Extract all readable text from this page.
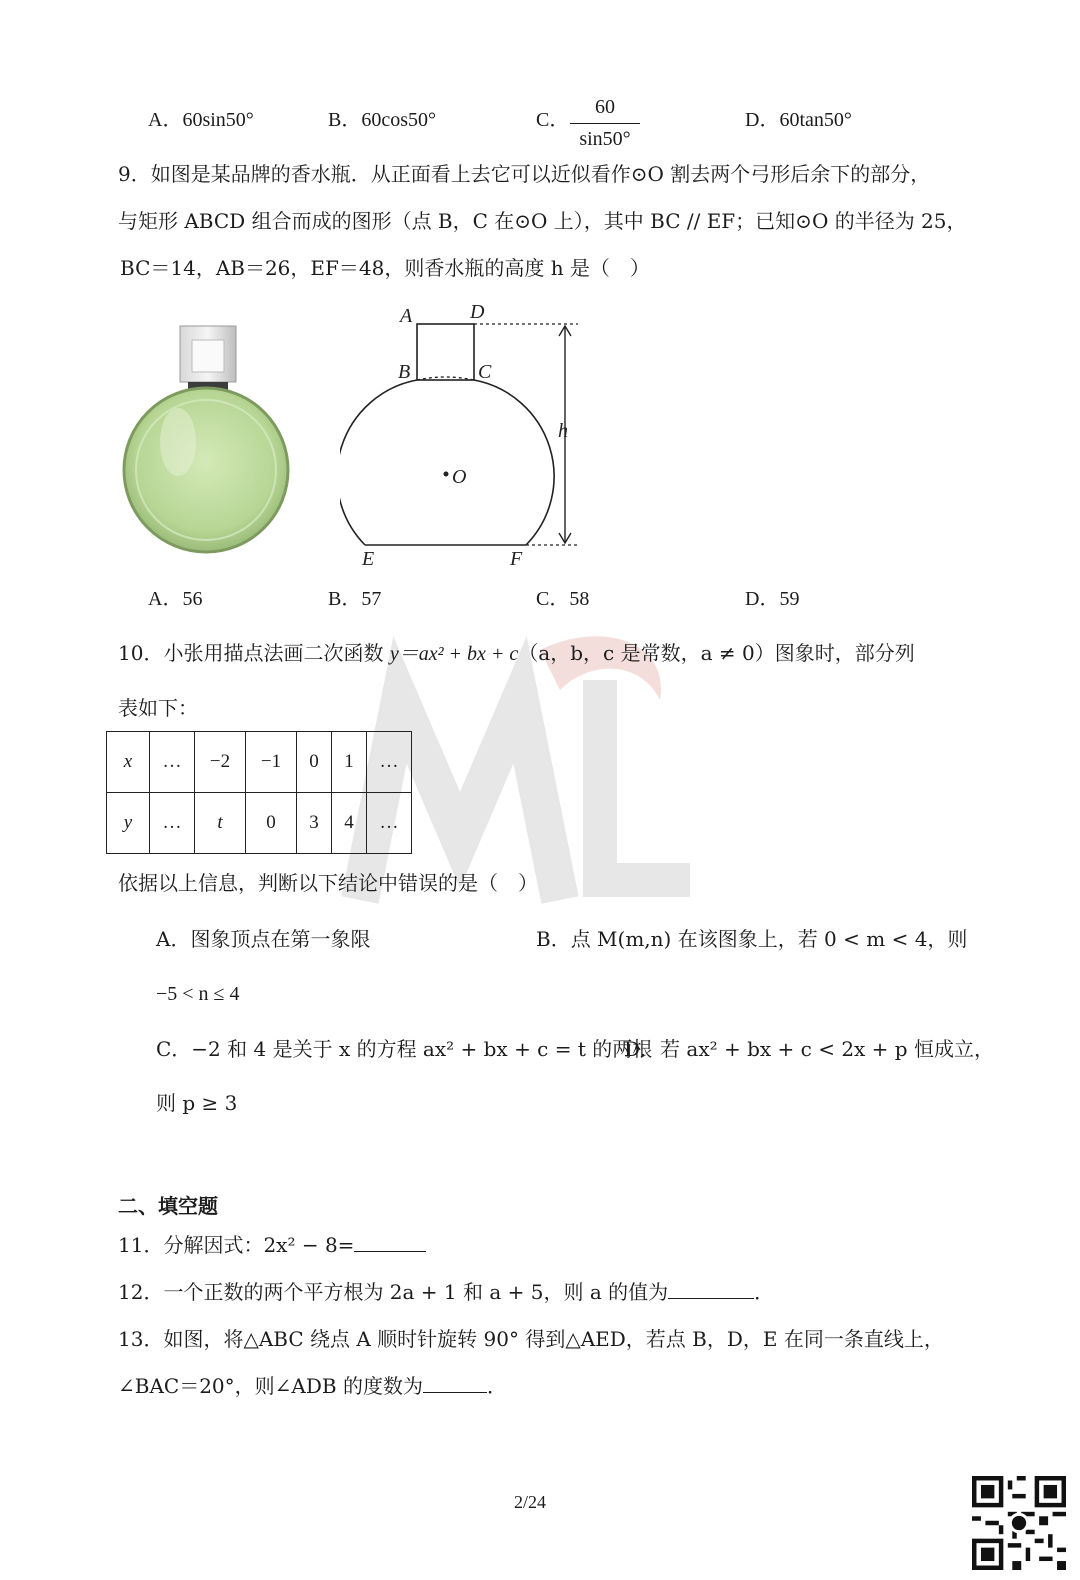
A．60sin50°	B．60cos50°	C． $\frac{60}{\sin 50^\circ}$	D．60tan50°
9．如图是某品牌的香水瓶．从正面看上去它可以近似看作⊙O 割去两个弓形后余下的部分，
与矩形 ABCD 组合而成的图形（点 B，C 在⊙O 上），其中 BC // EF；已知⊙O 的半径为 25，
BC＝14，AB＝26，EF＝48，则香水瓶的高度 h 是（　）
A	D
B	C
O
h
E	F
A．56	B．57	C．58	D．59
10．小张用描点法画二次函数 y＝ax² + bx + c（a，b，c 是常数，a ≠ 0）图象时，部分列
表如下：
x	…	−2	−1	0	1	…
y	…	t	0	3	4	…
依据以上信息，判断以下结论中错误的是（　）
A．图象顶点在第一象限	B．点 M(m,n) 在该图象上，若 0 < m < 4，则
−5 < n ≤ 4
C．−2 和 4 是关于 x 的方程 ax² + bx + c = t 的两根
D．若 ax² + bx + c < 2x + p 恒成立，
则 p ≥ 3
二、填空题
11．分解因式：2x² − 8=
12．一个正数的两个平方根为 2a + 1 和 a + 5，则 a 的值为	．
13．如图，将△ABC 绕点 A 顺时针旋转 90° 得到△AED，若点 B，D，E 在同一条直线上，
∠BAC＝20°，则∠ADB 的度数为	．
2/24
